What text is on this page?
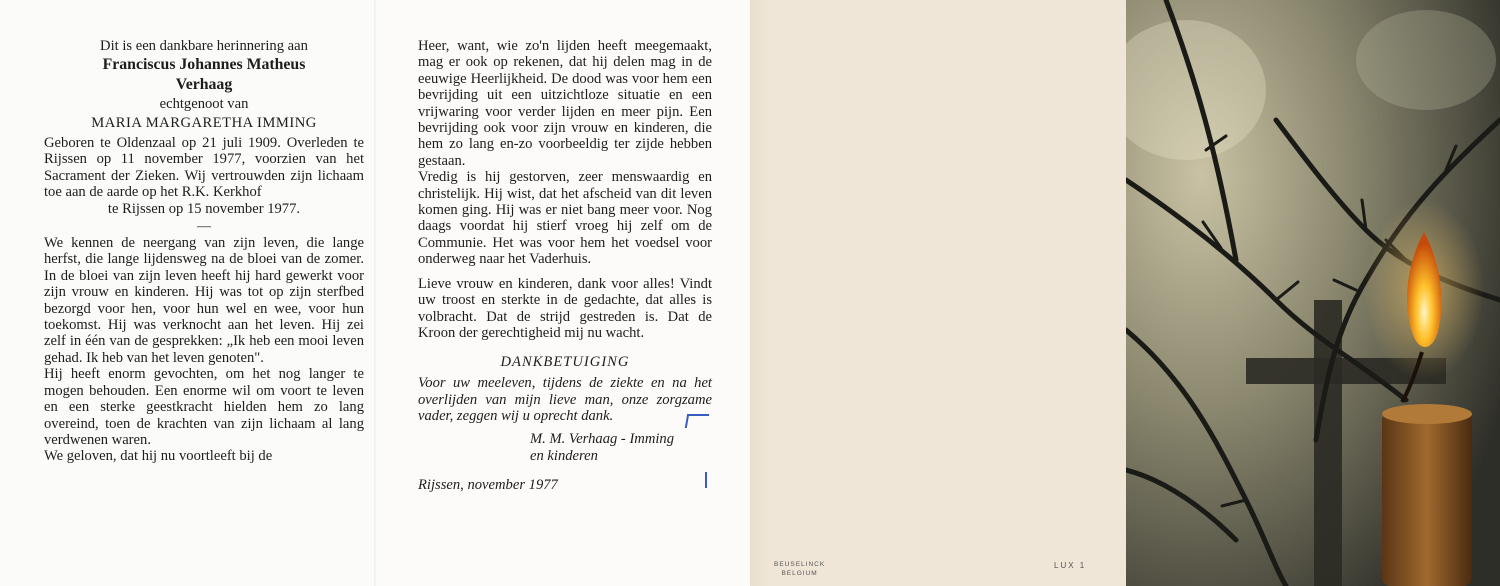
Dit is een dankbare herinnering aan
Franciscus Johannes Matheus
Verhaag
echtgenoot van
MARIA MARGARETHA IMMING
Geboren te Oldenzaal op 21 juli 1909. Overleden te Rijssen op 11 november 1977, voorzien van het Sacrament der Zieken. Wij vertrouwden zijn lichaam toe aan de aarde op het R.K. Kerkhof
te Rijssen op 15 november 1977.
—
We kennen de neergang van zijn leven, die lange herfst, die lange lijdensweg na de bloei van de zomer. In de bloei van zijn leven heeft hij hard gewerkt voor zijn vrouw en kinderen. Hij was tot op zijn sterfbed bezorgd voor hen, voor hun wel en wee, voor hun toekomst. Hij was verknocht aan het leven. Hij zei zelf in één van de gesprekken: „Ik heb een mooi leven gehad. Ik heb van het leven genoten".
Hij heeft enorm gevochten, om het nog langer te mogen behouden. Een enorme wil om voort te leven en een sterke geestkracht hielden hem zo lang overeind, toen de krachten van zijn lichaam al lang verdwenen waren.
We geloven, dat hij nu voortleeft bij de
Heer, want, wie zo'n lijden heeft meegemaakt, mag er ook op rekenen, dat hij delen mag in de eeuwige Heerlijkheid. De dood was voor hem een bevrijding uit een uitzichtloze situatie en een vrijwaring voor verder lijden en meer pijn. Een bevrijding ook voor zijn vrouw en kinderen, die hem zo lang en-zo voorbeeldig ter zijde hebben gestaan.
Vredig is hij gestorven, zeer menswaardig en christelijk. Hij wist, dat het afscheid van dit leven komen ging. Hij was er niet bang meer voor. Nog daags voordat hij stierf vroeg hij zelf om de Communie. Het was voor hem het voedsel voor onderweg naar het Vaderhuis.
Lieve vrouw en kinderen, dank voor alles! Vindt uw troost en sterkte in de gedachte, dat alles is volbracht. Dat de strijd gestreden is. Dat de Kroon der gerechtigheid mij nu wacht.
DANKBETUIGING
Voor uw meeleven, tijdens de ziekte en na het overlijden van mijn lieve man, onze zorgzame vader, zeggen wij u oprecht dank.
M. M. Verhaag - Imming
en kinderen
Rijssen, november 1977
BEUSELINCK
BELGIUM
LUX 1
